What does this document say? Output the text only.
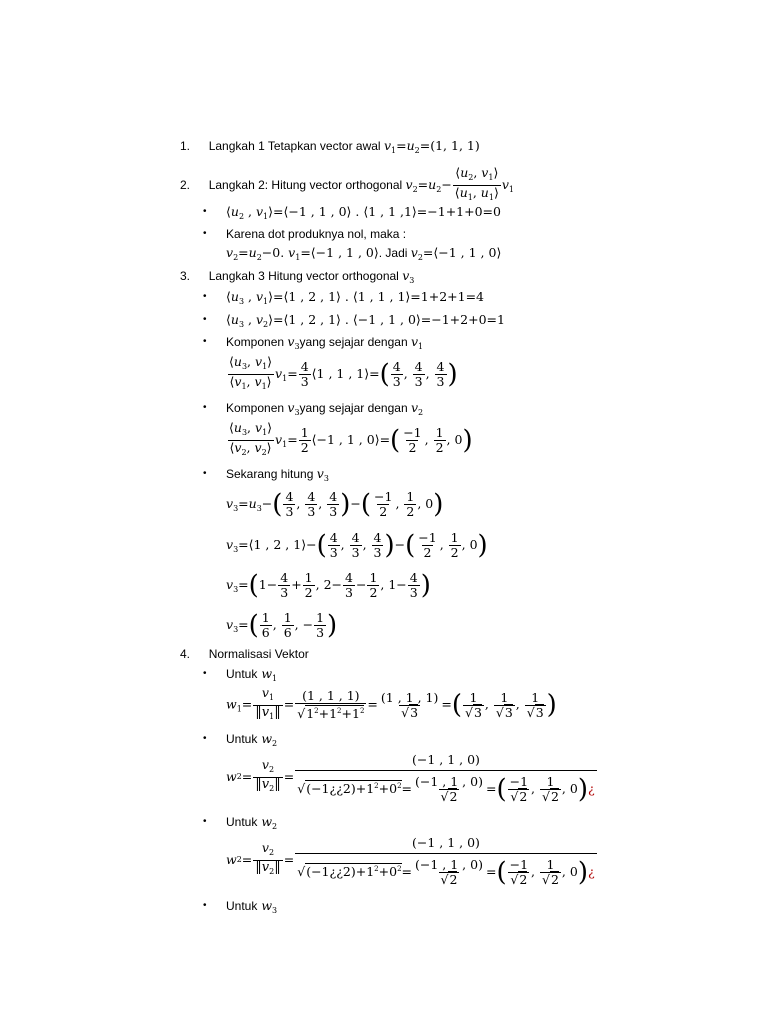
1. Langkah 1 Tetapkan vector awal $v_1=u_2=(1$, 1, 1)
2. Langkah 2: Hitung vector orthogonal $v_2=u_2- \frac{⟨u_2, v_1⟩}{⟨u_1, u_1⟩} v_1$
• $⟨u_2$ , $v_1⟩=⟨-1$ , 1 , 0⟩ . ⟨1 , 1 ,1⟩=−1+1+0=0
• Karena dot produknya nol, maka :
$v_2=u_2-0$. $v_1=⟨-1$ , 1 , 0⟩. Jadi $v_2=⟨-1$ , 1 , 0⟩
3. Langkah 3 Hitung vector orthogonal $v_3$
• $⟨u_3$ , $v_1⟩=⟨1$ , 2 , 1⟩ . ⟨1 , 1 , 1⟩=1+2+1=4
• $⟨u_3$ , $v_2⟩=⟨1$ , 2 , 1⟩ . ⟨−1 , 1 , 0⟩=−1+2+0=1
• Komponen $v_3yang$ sejajar dengan $v_1$
$\frac{⟨u_3, v_1⟩}{⟨v_1, v_1⟩} v_1= \frac{4}{3}$ ⟨1 , 1 , 1⟩=( $\frac{4}{3}$ , $\frac{4}{3}$ , $\frac{4}{3}$ )
• Komponen $v_3yang$ sejajar dengan $v_2$
$\frac{⟨u_3, v_1⟩}{⟨v_2, v_2⟩} v_1= \frac{1}{2}$ ⟨−1 , 1 , 0⟩=( $\frac{-1}{2}$ , $\frac{1}{2}$ , 0)
• Sekarang hitung $v_3$
$v_3=u_3-( \frac{4}{3}$ , $\frac{4}{3}$ , $\frac{4}{3}$ )−( $\frac{-1}{2}$ , $\frac{1}{2}$ , 0)
$v_3=⟨1$ , 2 , 1⟩−( $\frac{4}{3}$ , $\frac{4}{3}$ , $\frac{4}{3}$ )−( $\frac{-1}{2}$ , $\frac{1}{2}$ , 0)
$v_3=(1- \frac{4}{3} + \frac{1}{2}$ , $2- \frac{4}{3} - \frac{1}{2}$ , $1- \frac{4}{3}$ )
$v_3=( \frac{1}{6}$ , $\frac{1}{6}$ , − $\frac{1}{3}$ )
4. Normalisasi Vektor
• Untuk $w_1$
$w_1= \frac{v_1}{‖v_1‖} = \frac{(1 , 1 , 1)}{√1^2+1^2+1^2} = \frac{(1 , 1 , 1)}{√3}$ =( $\frac{1}{√3}$ , $\frac{1}{√3}$ , $\frac{1}{√3}$ )
• Untuk $w_2$
w $2 = \frac{v_2}{‖v_2‖} = \frac{(-1 , 1 , 0)}{√(-1¿¿2)+1^2+0^2= \frac{(-1 , 1 , 0)}{√2} =( \frac{-1}{√2} , \frac{1}{√2} , 0)¿}$
• Untuk $w_2$
w $2 = \frac{v_2}{‖v_2‖} = \frac{(-1 , 1 , 0)}{√(-1¿¿2)+1^2+0^2= \frac{(-1 , 1 , 0)}{√2} =( \frac{-1}{√2} , \frac{1}{√2} , 0)¿}$
• Untuk $w_3$
